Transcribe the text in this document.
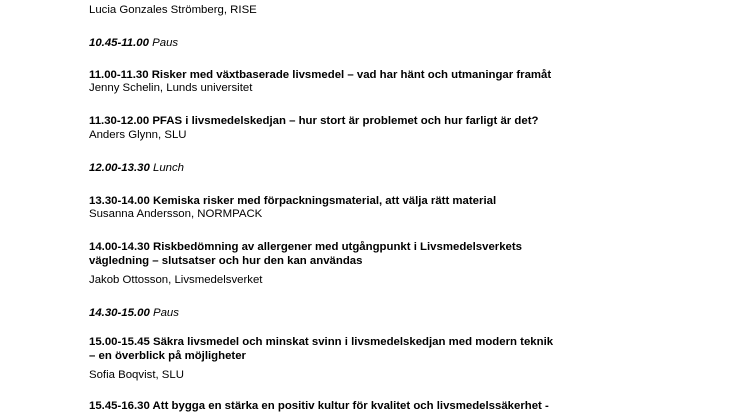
Lucia Gonzales Strömberg, RISE
10.45-11.00 Paus
11.00-11.30 Risker med växtbaserade livsmedel – vad har hänt och utmaningar framåt
Jenny Schelin, Lunds universitet
11.30-12.00 PFAS i livsmedelskedjan – hur stort är problemet och hur farligt är det?
Anders Glynn, SLU
12.00-13.30 Lunch
13.30-14.00 Kemiska risker med förpackningsmaterial, att välja rätt material
Susanna Andersson, NORMPACK
14.00-14.30 Riskbedömning av allergener med utgångpunkt i Livsmedelsverkets
vägledning – slutsatser och hur den kan användas
Jakob Ottosson, Livsmedelsverket
14.30-15.00 Paus
15.00-15.45 Säkra livsmedel och minskat svinn i livsmedelskedjan med modern teknik
– en överblick på möjligheter
Sofia Boqvist, SLU
15.45-16.30 Att bygga en stärka en positiv kultur för kvalitet och livsmedelssäkerhet -
